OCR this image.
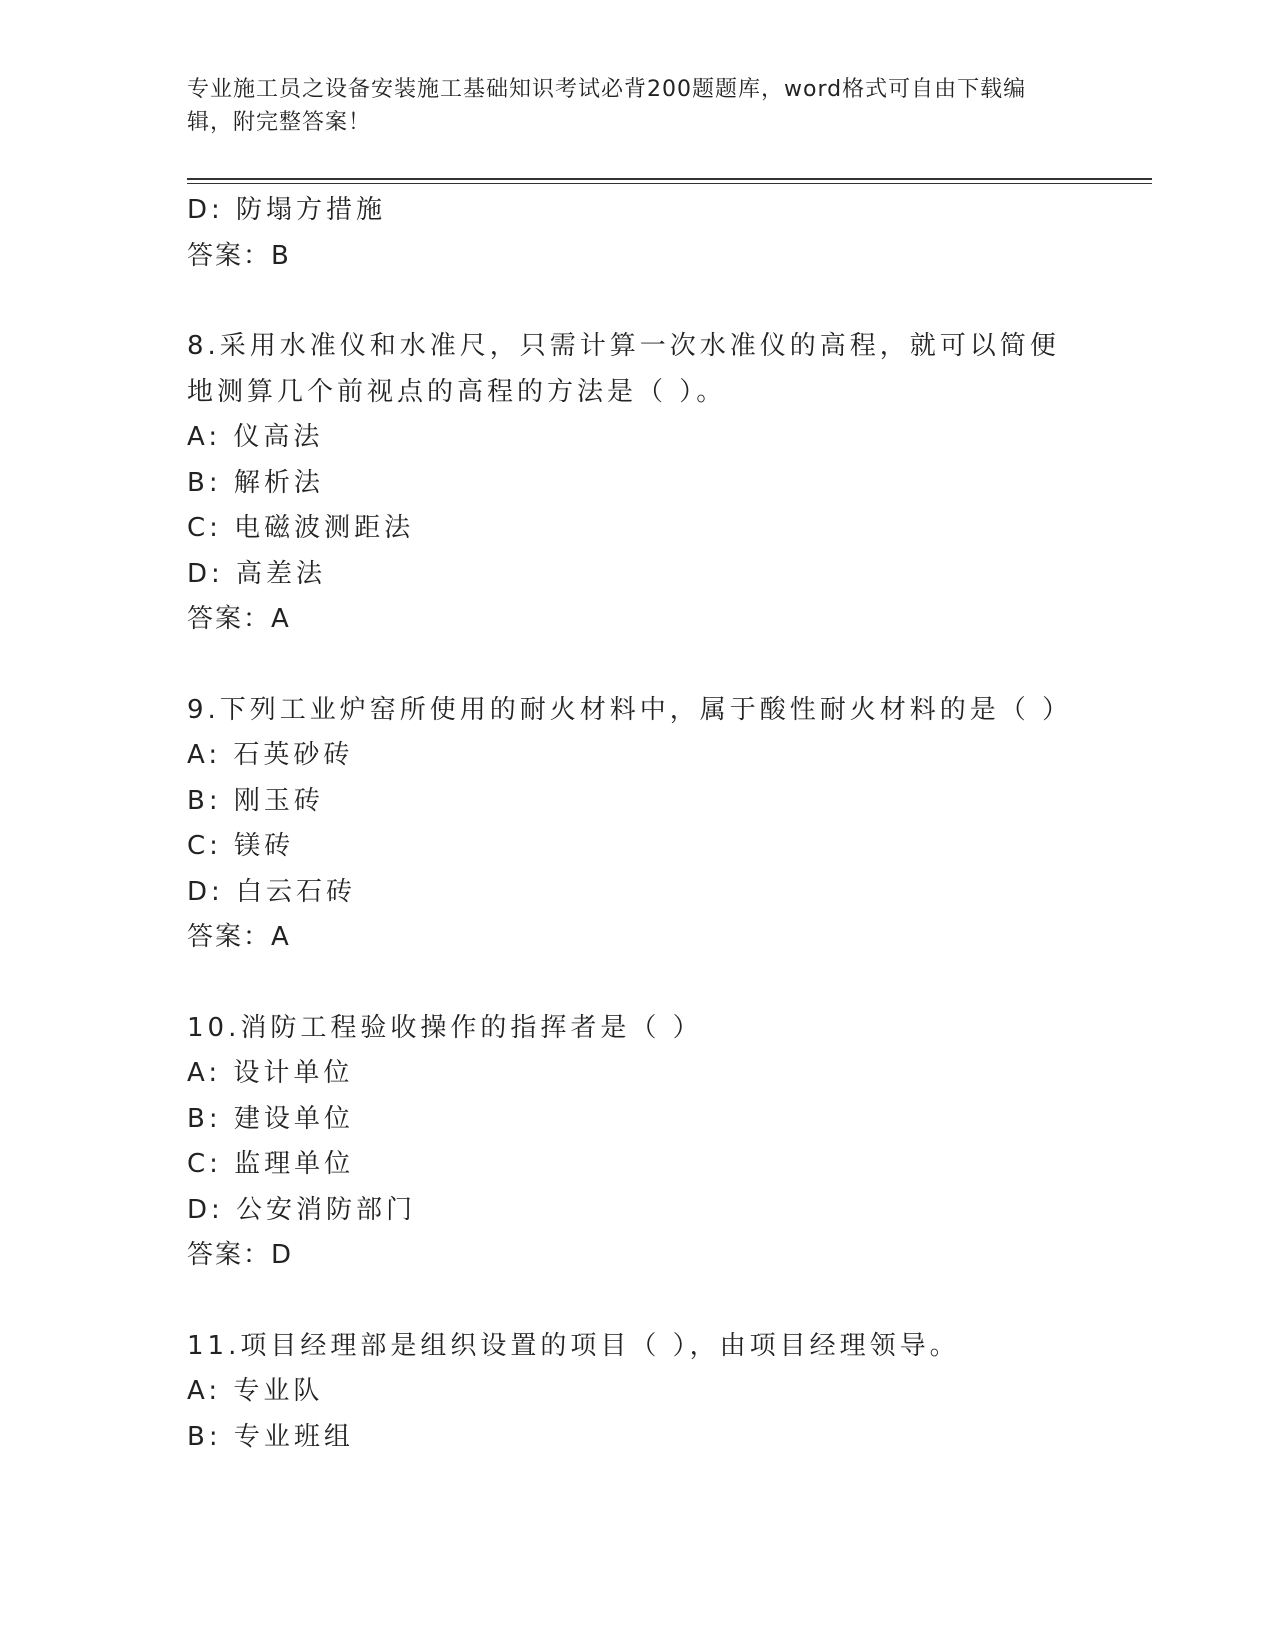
专业施工员之设备安装施工基础知识考试必背200题题库，word格式可自由下载编辑，附完整答案！
D: 防塌方措施
答案：B
8.采用水准仪和水准尺，只需计算一次水准仪的高程，就可以简便地测算几个前视点的高程的方法是（ ）。
A: 仪高法
B: 解析法
C: 电磁波测距法
D: 高差法
答案：A
9.下列工业炉窑所使用的耐火材料中，属于酸性耐火材料的是（ ）
A: 石英砂砖
B: 刚玉砖
C: 镁砖
D: 白云石砖
答案：A
10.消防工程验收操作的指挥者是（ ）
A: 设计单位
B: 建设单位
C: 监理单位
D: 公安消防部门
答案：D
11.项目经理部是组织设置的项目（ ），由项目经理领导。
A: 专业队
B: 专业班组
